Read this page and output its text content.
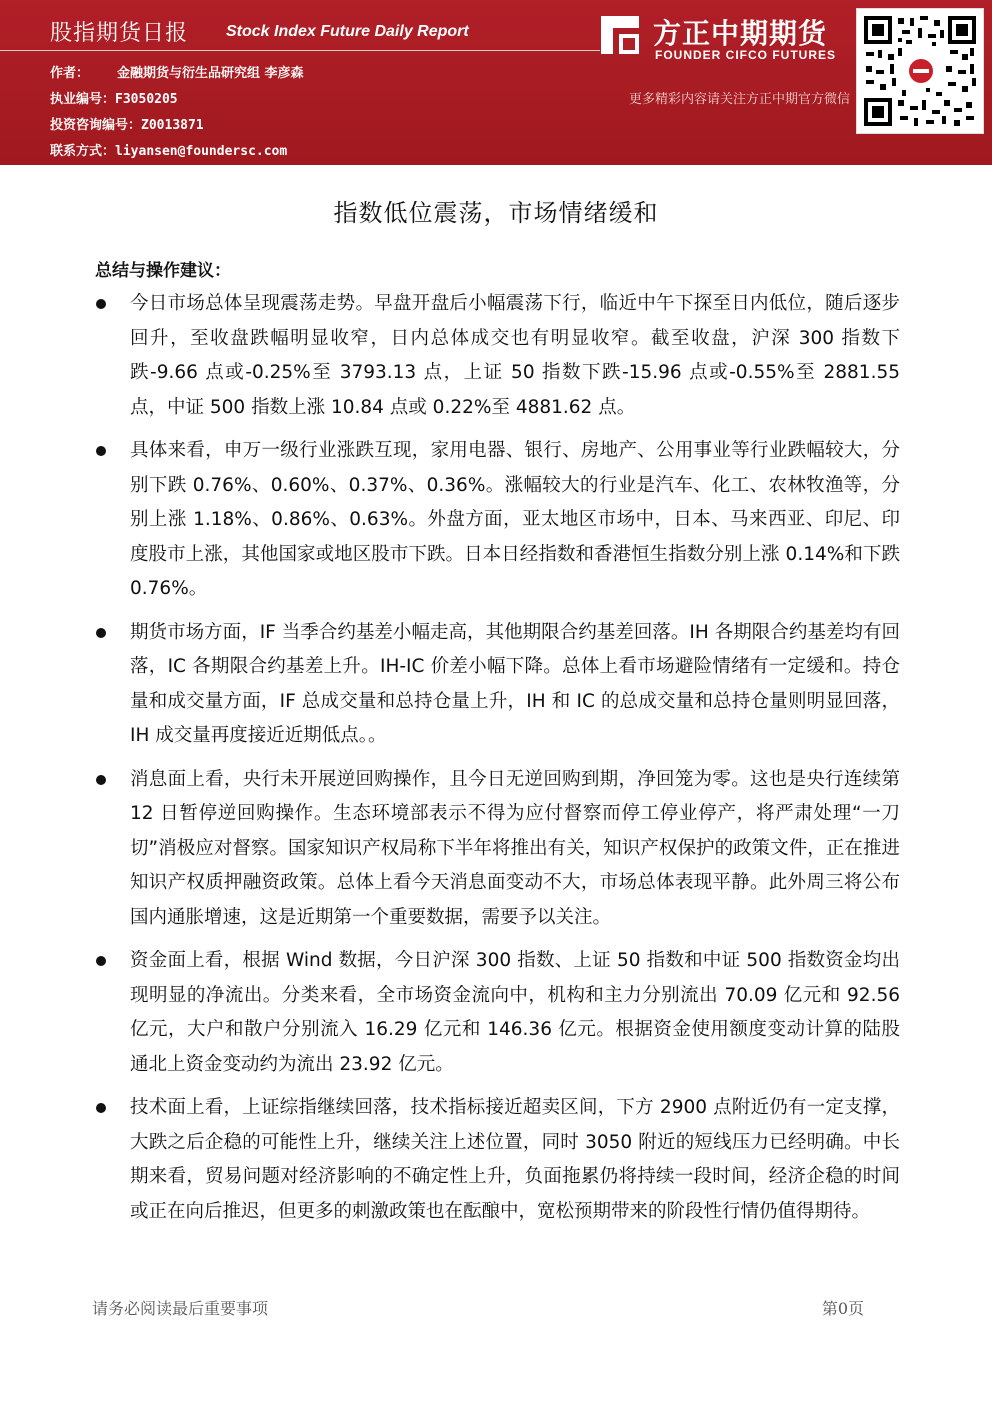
股指期货日报 Stock Index Future Daily Report
作者： 金融期货与衍生品研究组 李彦森
执业编号：F3050205
投资咨询编号：Z0013871
联系方式：liyansen@foundersc.com
方正中期期货
FOUNDER CIFCO FUTURES
更多精彩内容请关注方正中期官方微信
指数低位震荡，市场情绪缓和
总结与操作建议：
今日市场总体呈现震荡走势。早盘开盘后小幅震荡下行，临近中午下探至日内低位，随后逐步回升，至收盘跌幅明显收窄，日内总体成交也有明显收窄。截至收盘，沪深 300 指数下跌-9.66 点或-0.25%至 3793.13 点，上证 50 指数下跌-15.96 点或-0.55%至 2881.55 点，中证 500 指数上涨 10.84 点或 0.22%至 4881.62 点。
具体来看，申万一级行业涨跌互现，家用电器、银行、房地产、公用事业等行业跌幅较大，分别下跌 0.76%、0.60%、0.37%、0.36%。涨幅较大的行业是汽车、化工、农林牧渔等，分别上涨 1.18%、0.86%、0.63%。外盘方面，亚太地区市场中，日本、马来西亚、印尼、印度股市上涨，其他国家或地区股市下跌。日本日经指数和香港恒生指数分别上涨 0.14%和下跌 0.76%。
期货市场方面，IF 当季合约基差小幅走高，其他期限合约基差回落。IH 各期限合约基差均有回落，IC 各期限合约基差上升。IH-IC 价差小幅下降。总体上看市场避险情绪有一定缓和。持仓量和成交量方面，IF 总成交量和总持仓量上升，IH 和 IC 的总成交量和总持仓量则明显回落，IH 成交量再度接近近期低点。。
消息面上看，央行未开展逆回购操作，且今日无逆回购到期，净回笼为零。这也是央行连续第 12 日暂停逆回购操作。生态环境部表示不得为应付督察而停工停业停产，将严肃处理“一刀切”消极应对督察。国家知识产权局称下半年将推出有关，知识产权保护的政策文件，正在推进知识产权质押融资政策。总体上看今天消息面变动不大，市场总体表现平静。此外周三将公布国内通胀增速，这是近期第一个重要数据，需要予以关注。
资金面上看，根据 Wind 数据，今日沪深 300 指数、上证 50 指数和中证 500 指数资金均出现明显的净流出。分类来看，全市场资金流向中，机构和主力分别流出 70.09 亿元和 92.56 亿元，大户和散户分别流入 16.29 亿元和 146.36 亿元。根据资金使用额度变动计算的陆股通北上资金变动约为流出 23.92 亿元。
技术面上看，上证综指继续回落，技术指标接近超卖区间，下方 2900 点附近仍有一定支撑，大跌之后企稳的可能性上升，继续关注上述位置，同时 3050 附近的短线压力已经明确。中长期来看，贸易问题对经济影响的不确定性上升，负面拖累仍将持续一段时间，经济企稳的时间或正在向后推迟，但更多的刺激政策也在酝酿中，宽松预期带来的阶段性行情仍值得期待。
请务必阅读最后重要事项	第0页
